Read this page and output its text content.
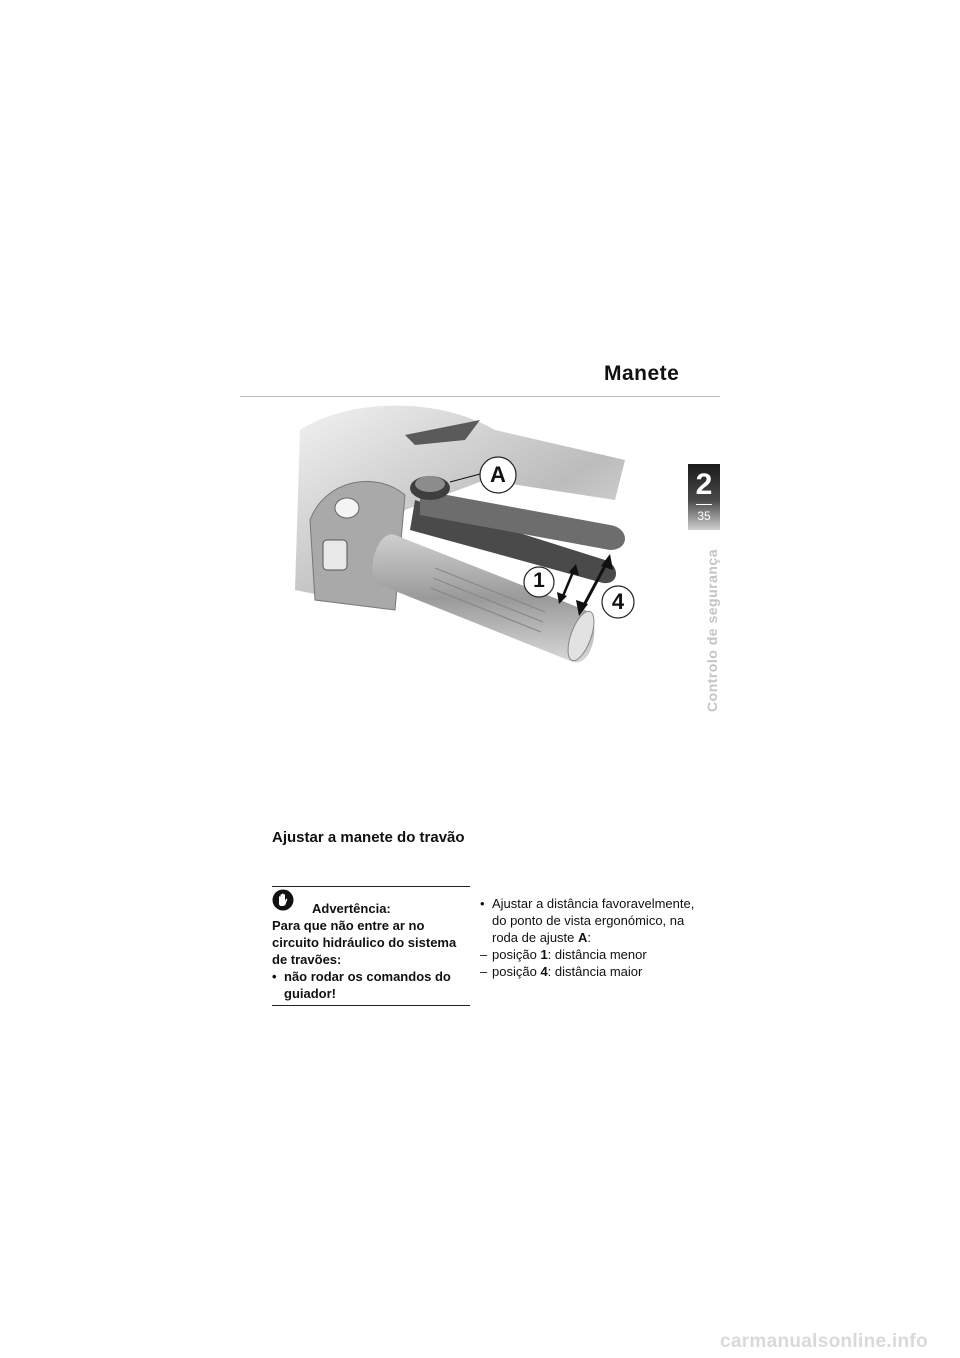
Manete
A
1
4
2
35
Controlo de segurança
Ajustar a manete do travão
Advertência:
Para que não entre ar no circuito hidráulico do sistema de travões:
• não rodar os comandos do guiador!
• Ajustar a distância favoravelmente, do ponto de vista ergonómico, na roda de ajuste A:
– posição 1: distância menor
– posição 4: distância maior
carmanualsonline.info
